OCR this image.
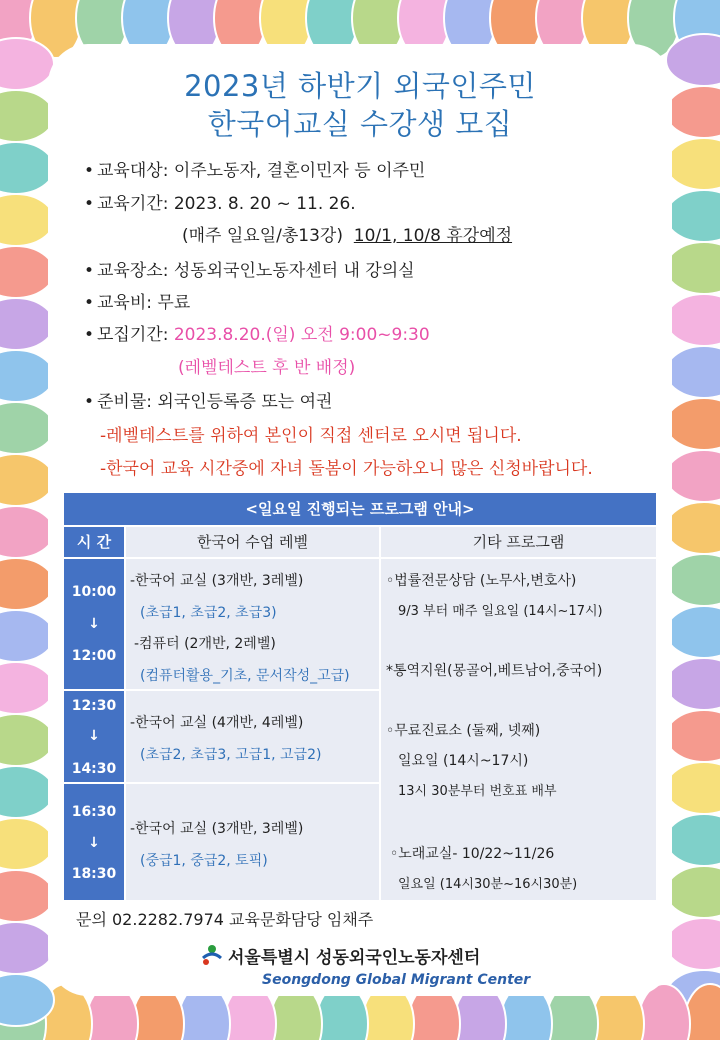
2023년 하반기 외국인주민
한국어교실 수강생 모집
• 교육대상: 이주노동자, 결혼이민자 등 이주민
• 교육기간: 2023. 8. 20 ~ 11. 26.
(매주 일요일/총13강) 10/1, 10/8 휴강예정
• 교육장소: 성동외국인노동자센터 내 강의실
• 교육비: 무료
• 모집기간: 2023.8.20.(일) 오전 9:00~9:30
(레벨테스트 후 반 배정)
• 준비물: 외국인등록증 또는 여권
-레벨테스트를 위하여 본인이 직접 센터로 오시면 됩니다.
-한국어 교육 시간중에 자녀 돌봄이 가능하오니 많은 신청바랍니다.
<일요일 진행되는 프로그램 안내>
시 간	한국어 수업 레벨	기타 프로그램
10:00
↓
12:00
12:30
↓
14:30
16:30
↓
18:30
-한국어 교실 (3개반, 3레벨)
(초급1, 초급2, 초급3)
-컴퓨터 (2개반, 2레벨)
(컴퓨터활용_기초, 문서작성_고급)
-한국어 교실 (4개반, 4레벨)
(초급2, 초급3, 고급1, 고급2)
-한국어 교실 (3개반, 3레벨)
(중급1, 중급2, 토픽)
◦법률전문상담 (노무사,변호사)
9/3 부터 매주 일요일 (14시~17시)
*통역지원(몽골어,베트남어,중국어)
◦무료진료소 (둘째, 넷째)
일요일 (14시~17시)
13시 30분부터 번호표 배부
◦노래교실- 10/22~11/26
일요일 (14시30분~16시30분)
문의 02.2282.7974 교육문화담당 임채주
서울특별시 성동외국인노동자센터
Seongdong Global Migrant Center
